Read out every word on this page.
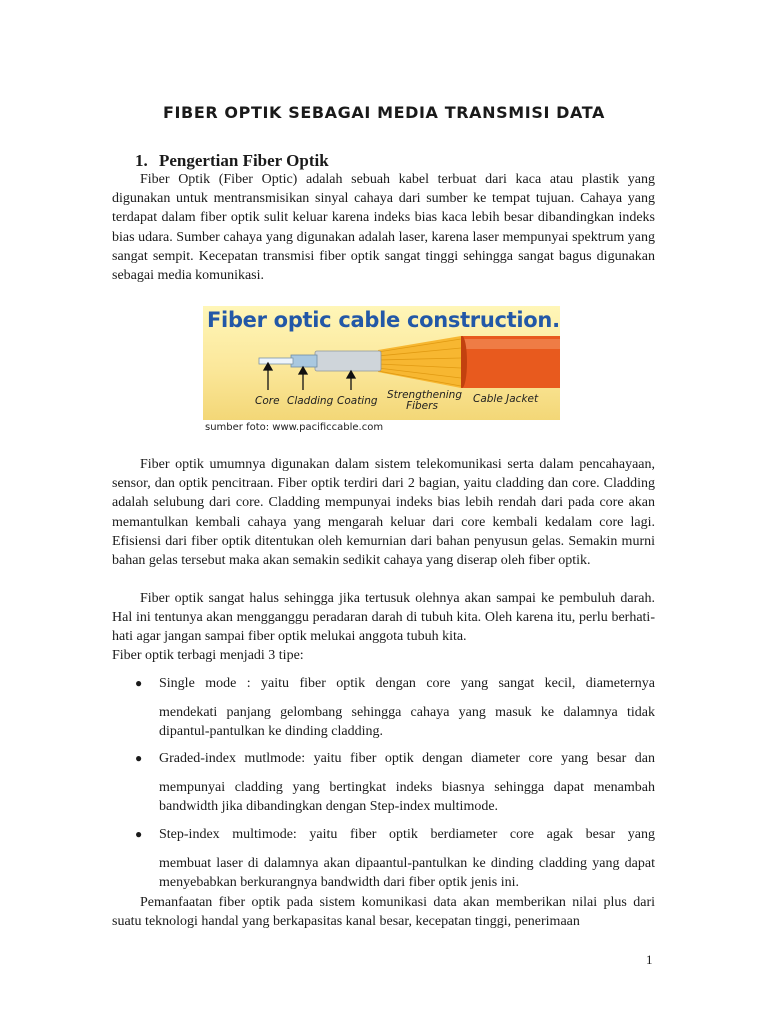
FIBER OPTIK SEBAGAI MEDIA TRANSMISI DATA
1. Pengertian Fiber Optik
Fiber Optik (Fiber Optic) adalah sebuah kabel terbuat dari kaca atau plastik yang digunakan untuk mentransmisikan sinyal cahaya dari sumber ke tempat tujuan. Cahaya yang terdapat dalam fiber optik sulit keluar karena indeks bias kaca lebih besar dibandingkan indeks bias udara. Sumber cahaya yang digunakan adalah laser, karena laser mempunyai spektrum yang sangat sempit. Kecepatan transmisi fiber optik sangat tinggi sehingga sangat bagus digunakan sebagai media komunikasi.
Fiber optic cable construction.
Core Cladding Coating Strengthening Fibers
Cable Jacket
sumber foto: www.pacificcable.com
Fiber optik umumnya digunakan dalam sistem telekomunikasi serta dalam pencahayaan, sensor, dan optik pencitraan. Fiber optik terdiri dari 2 bagian, yaitu cladding dan core. Cladding adalah selubung dari core. Cladding mempunyai indeks bias lebih rendah dari pada core akan memantulkan kembali cahaya yang mengarah keluar dari core kembali kedalam core lagi. Efisiensi dari fiber optik ditentukan oleh kemurnian dari bahan penyusun gelas. Semakin murni bahan gelas tersebut maka akan semakin sedikit cahaya yang diserap oleh fiber optik.
Fiber optik sangat halus sehingga jika tertusuk olehnya akan sampai ke pembuluh darah. Hal ini tentunya akan mengganggu peradaran darah di tubuh kita. Oleh karena itu, perlu berhati-hati agar jangan sampai fiber optik melukai anggota tubuh kita.
Fiber optik terbagi menjadi 3 tipe:
● Single mode : yaitu fiber optik dengan core yang sangat kecil, diameternya
mendekati panjang gelombang sehingga cahaya yang masuk ke dalamnya tidak dipantul-pantulkan ke dinding cladding.
● Graded-index mutlmode: yaitu fiber optik dengan diameter core yang besar dan
mempunyai cladding yang bertingkat indeks biasnya sehingga dapat menambah bandwidth jika dibandingkan dengan Step-index multimode.
● Step-index multimode: yaitu fiber optik berdiameter core agak besar yang
membuat laser di dalamnya akan dipaantul-pantulkan ke dinding cladding yang dapat menyebabkan berkurangnya bandwidth dari fiber optik jenis ini.
Pemanfaatan fiber optik pada sistem komunikasi data akan memberikan nilai plus dari suatu teknologi handal yang berkapasitas kanal besar, kecepatan tinggi, penerimaan
1
